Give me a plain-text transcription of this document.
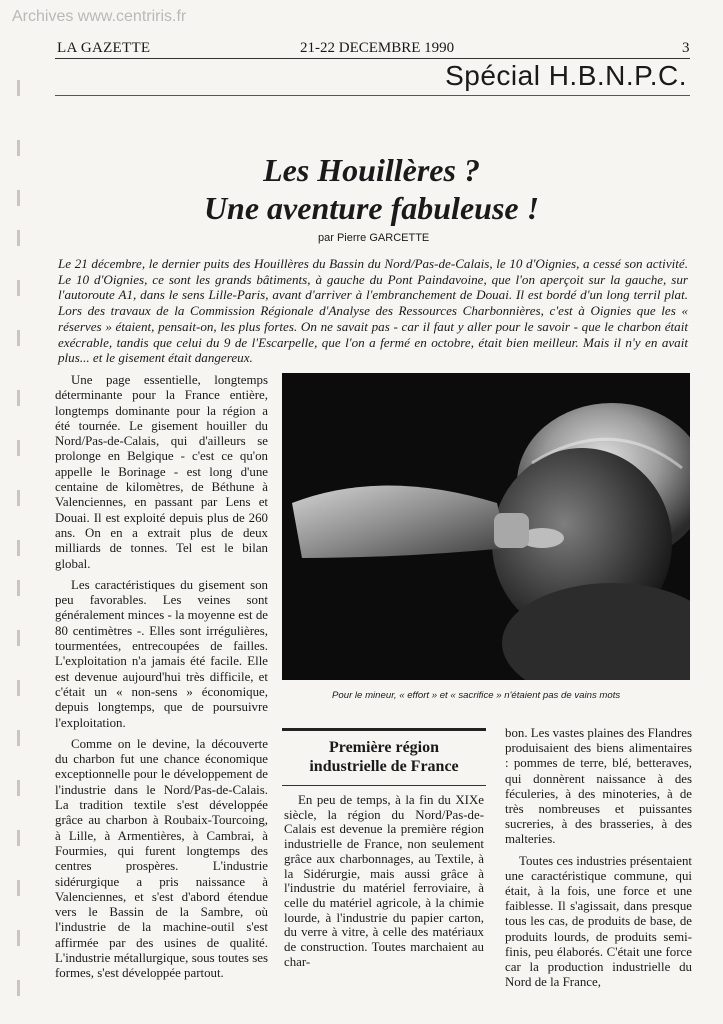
Archives www.centriris.fr
LA GAZETTE	21-22 DECEMBRE 1990	3
Spécial H.B.N.P.C.
Les Houillères ?
Une aventure fabuleuse !
par Pierre GARCETTE

Le 21 décembre, le dernier puits des Houillères du Bassin du Nord/Pas-de-Calais, le 10 d'Oignies, a cessé son activité. Le 10 d'Oignies, ce sont les grands bâtiments, à gauche du Pont Paindavoine, que l'on aperçoit sur la gauche, sur l'autoroute A1, dans le sens Lille-Paris, avant d'arriver à l'embranchement de Douai. Il est bordé d'un long terril plat. Lors des travaux de la Commission Régionale d'Analyse des Ressources Charbonnières, c'est à Oignies que les « réserves » étaient, pensait-on, les plus fortes. On ne savait pas - car il faut y aller pour le savoir - que le charbon était exécrable, tandis que celui du 9 de l'Escarpelle, que l'on a fermé en octobre, était bien meilleur. Mais il n'y en avait plus... et le gisement était dangereux.

Une page essentielle, longtemps déterminante pour la France entière, longtemps dominante pour la région a été tournée. Le gisement houiller du Nord/Pas-de-Calais, qui d'ailleurs se prolonge en Belgique - c'est ce qu'on appelle le Borinage - est long d'une centaine de kilomètres, de Béthune à Valenciennes, en passant par Lens et Douai. Il est exploité depuis plus de 260 ans. On en a extrait plus de deux milliards de tonnes. Tel est le bilan global.

Les caractéristiques du gisement son peu favorables. Les veines sont généralement minces - la moyenne est de 80 centimètres -. Elles sont irrégulières, tourmentées, entrecoupées de failles. L'exploitation n'a jamais été facile. Elle est devenue aujourd'hui très difficile, et c'était un « non-sens » économique, depuis longtemps, que de poursuivre l'exploitation.

Comme on le devine, la découverte du charbon fut une chance économique exceptionnelle pour le développement de l'industrie dans le Nord/Pas-de-Calais. La tradition textile s'est développée grâce au charbon à Roubaix-Tourcoing, à Lille, à Armentières, à Cambrai, à Fourmies, qui furent longtemps des centres prospères. L'industrie sidérurgique a pris naissance à Valenciennes, et s'est d'abord étendue vers le Bassin de la Sambre, où l'industrie de la machine-outil s'est affirmée par des usines de qualité. L'industrie métallurgique, sous toutes ses formes, s'est développée partout.

Pour le mineur, « effort » et « sacrifice » n'étaient pas de vains mots
Première région
industrielle de France

En peu de temps, à la fin du XIXe siècle, la région du Nord/Pas-de-Calais est devenue la première région industrielle de France, non seulement grâce aux charbonnages, au Textile, à la Sidérurgie, mais aussi grâce à l'industrie du matériel ferroviaire, à celle du matériel agricole, à la chimie lourde, à l'industrie du papier carton, du verre à vitre, à celle des matériaux de construction. Toutes marchaient au char-

bon. Les vastes plaines des Flandres produisaient des biens alimentaires : pommes de terre, blé, betteraves, qui donnèrent naissance à des féculeries, à des minoteries, à de très nombreuses et puissantes sucreries, à des brasseries, à des malteries.

Toutes ces industries présentaient une caractéristique commune, qui était, à la fois, une force et une faiblesse. Il s'agissait, dans presque tous les cas, de produits de base, de produits lourds, de produits semi-finis, peu élaborés. C'était une force car la production industrielle du Nord de la France,
